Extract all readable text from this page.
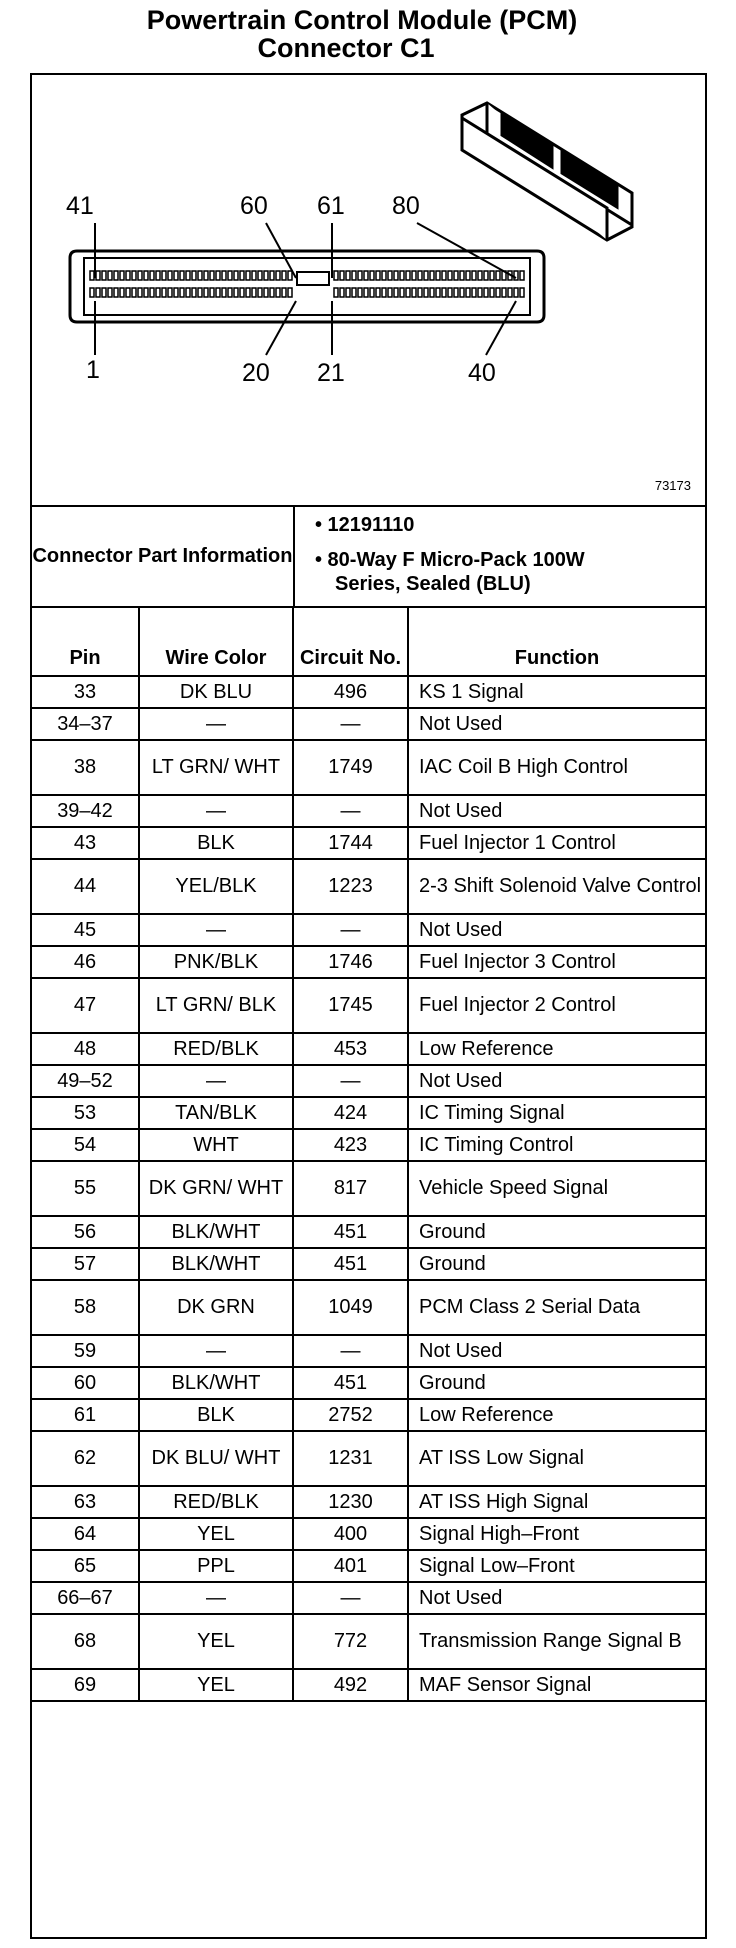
Powertrain Control Module (PCM)
Connector C1
41	60 61 80
1	20 21	40
73173
Connector Part Information
• 12191110
• 80-Way F Micro-Pack 100W
Series, Sealed (BLU)
Pin	Wire Color	Circuit No.	Function
33	DK BLU	496	KS 1 Signal
34–37	—	—	Not Used
38	LT GRN/ WHT	1749	IAC Coil B High Control
39–42	—	—	Not Used
43	BLK	1744	Fuel Injector 1 Control
44	YEL/BLK	1223	2-3 Shift Solenoid Valve Control
45	—	—	Not Used
46	PNK/BLK	1746	Fuel Injector 3 Control
47	LT GRN/ BLK	1745	Fuel Injector 2 Control
48	RED/BLK	453	Low Reference
49–52	—	—	Not Used
53	TAN/BLK	424	IC Timing Signal
54	WHT	423	IC Timing Control
55	DK GRN/ WHT	817	Vehicle Speed Signal
56	BLK/WHT	451	Ground
57	BLK/WHT	451	Ground
58	DK GRN	1049	PCM Class 2 Serial Data
59	—	—	Not Used
60	BLK/WHT	451	Ground
61	BLK	2752	Low Reference
62	DK BLU/ WHT	1231	AT ISS Low Signal
63	RED/BLK	1230	AT ISS High Signal
64	YEL	400	Signal High–Front
65	PPL	401	Signal Low–Front
66–67	—	—	Not Used
68	YEL	772	Transmission Range Signal B
69	YEL	492	MAF Sensor Signal
